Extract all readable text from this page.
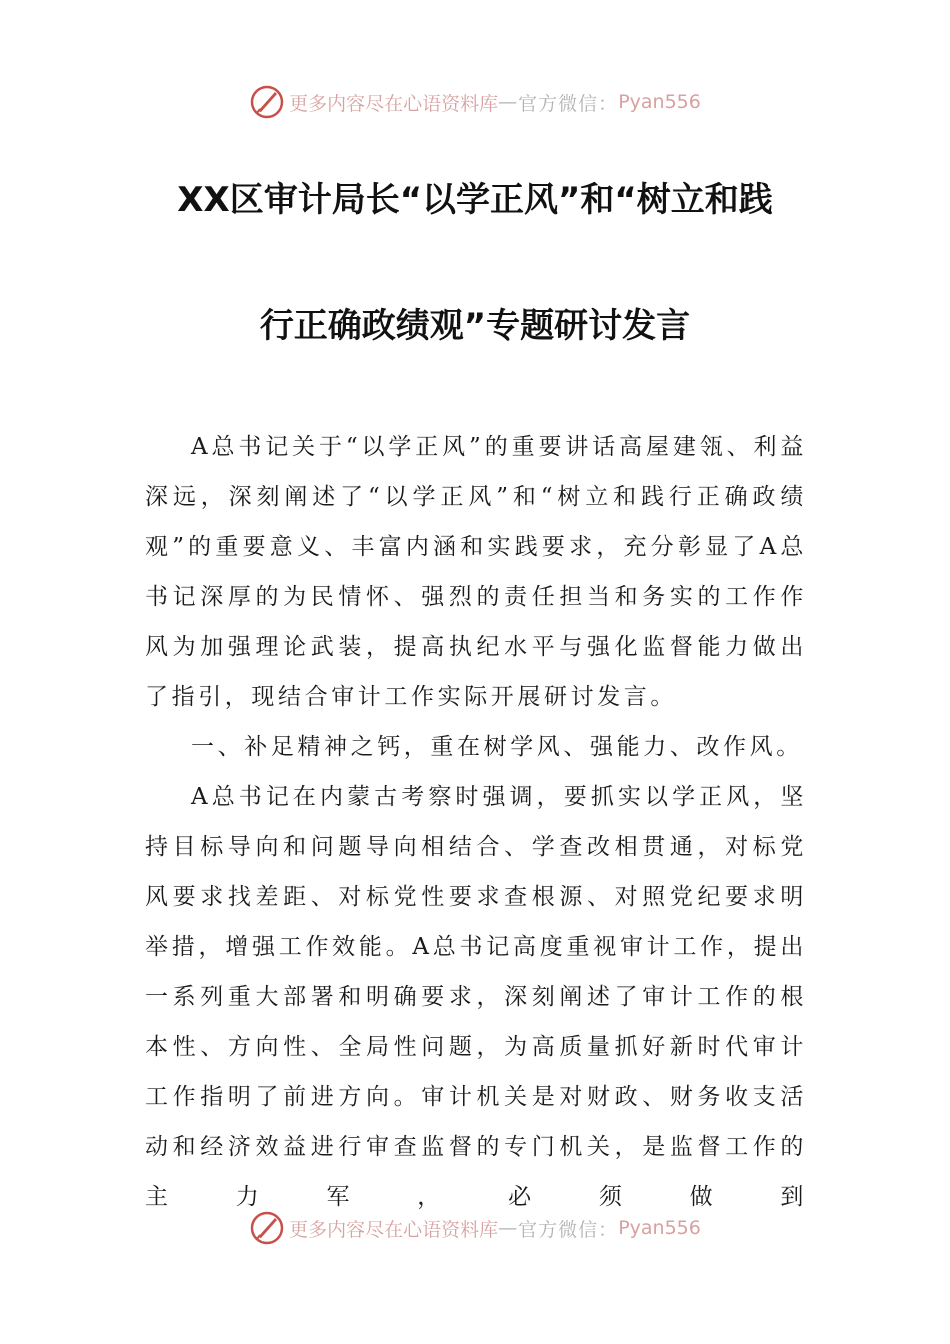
更多内容尽在心语资料库 — 官方微信： Pyan556
XX区审计局长“以学正风”和“树立和践
行正确政绩观”专题研讨发言

A总书记关于“以学正风”的重要讲话高屋建瓴、利益深远，深刻阐述了“以学正风”和“树立和践行正确政绩观”的重要意义、丰富内涵和实践要求，充分彰显了A总书记深厚的为民情怀、强烈的责任担当和务实的工作作风为加强理论武装，提高执纪水平与强化监督能力做出了指引，现结合审计工作实际开展研讨发言。

一、补足精神之钙，重在树学风、强能力、改作风。

A总书记在内蒙古考察时强调，要抓实以学正风，坚持目标导向和问题导向相结合、学查改相贯通，对标党风要求找差距、对标党性要求查根源、对照党纪要求明举措，增强工作效能。A总书记高度重视审计工作，提出一系列重大部署和明确要求，深刻阐述了审计工作的根本性、方向性、全局性问题，为高质量抓好新时代审计工作指明了前进方向。审计机关是对财政、财务收支活动和经济效益进行审查监督的专门机关，是监督工作的主力军，必须做到

更多内容尽在心语资料库 — 官方微信： Pyan556
